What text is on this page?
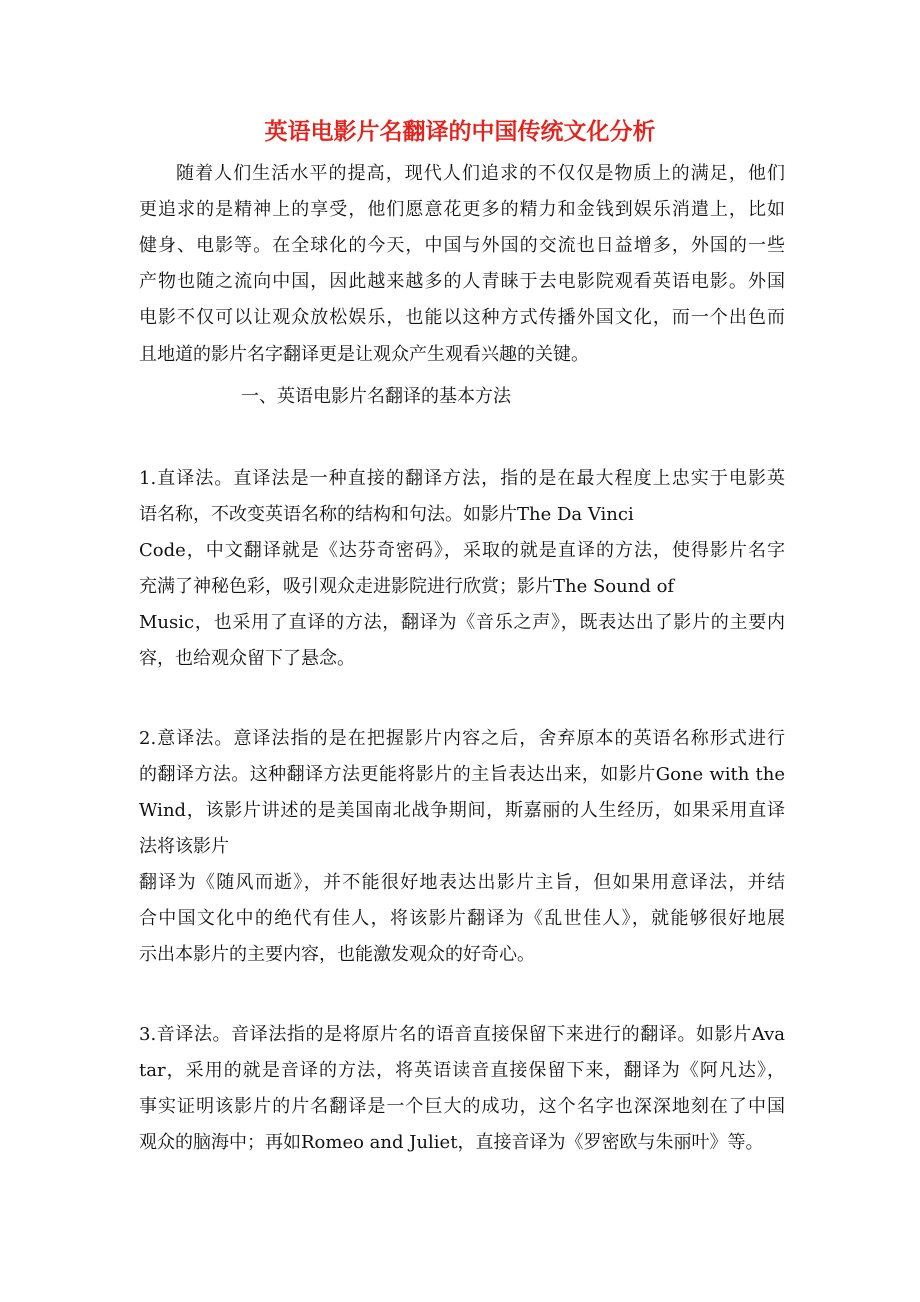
英语电影片名翻译的中国传统文化分析
随着人们生活水平的提高，现代人们追求的不仅仅是物质上的满足，他们
更追求的是精神上的享受，他们愿意花更多的精力和金钱到娱乐消遣上，比如
健身、电影等。在全球化的今天，中国与外国的交流也日益增多，外国的一些
产物也随之流向中国，因此越来越多的人青睐于去电影院观看英语电影。外国
电影不仅可以让观众放松娱乐，也能以这种方式传播外国文化，而一个出色而
且地道的影片名字翻译更是让观众产生观看兴趣的关键。
一、英语电影片名翻译的基本方法
1.直译法。直译法是一种直接的翻译方法，指的是在最大程度上忠实于电影英
语名称，不改变英语名称的结构和句法。如影片The Da Vinci
Code，中文翻译就是《达芬奇密码》，采取的就是直译的方法，使得影片名字
充满了神秘色彩，吸引观众走进影院进行欣赏；影片The Sound of
Music，也采用了直译的方法，翻译为《音乐之声》，既表达出了影片的主要内
容，也给观众留下了悬念。
2.意译法。意译法指的是在把握影片内容之后，舍弃原本的英语名称形式进行
的翻译方法。这种翻译方法更能将影片的主旨表达出来，如影片Gone with the
Wind，该影片讲述的是美国南北战争期间，斯嘉丽的人生经历，如果采用直译
法将该影片
翻译为《随风而逝》，并不能很好地表达出影片主旨，但如果用意译法，并结
合中国文化中的绝代有佳人，将该影片翻译为《乱世佳人》，就能够很好地展
示出本影片的主要内容，也能激发观众的好奇心。
3.音译法。音译法指的是将原片名的语音直接保留下来进行的翻译。如影片Ava
tar，采用的就是音译的方法，将英语读音直接保留下来，翻译为《阿凡达》，
事实证明该影片的片名翻译是一个巨大的成功，这个名字也深深地刻在了中国
观众的脑海中；再如Romeo and Juliet，直接音译为《罗密欧与朱丽叶》等。
